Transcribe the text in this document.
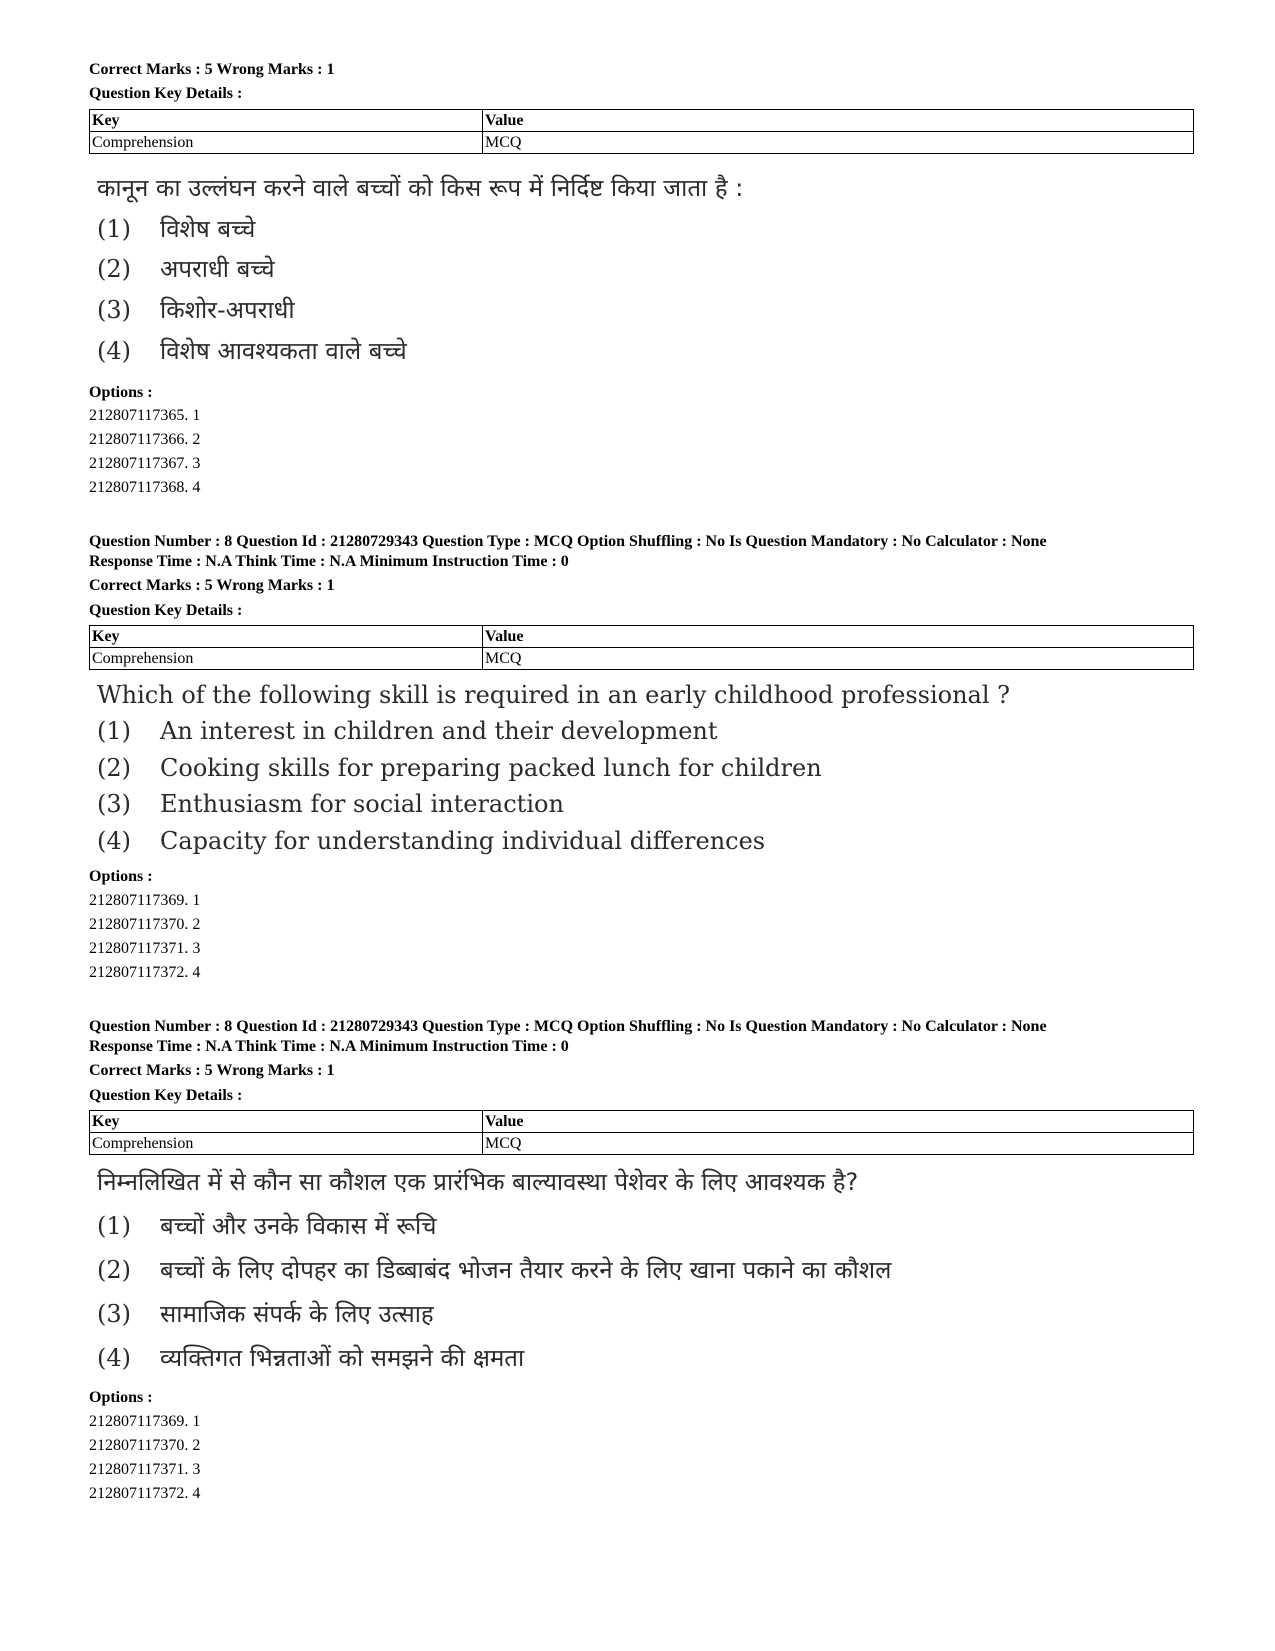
Correct Marks : 5 Wrong Marks : 1
Question Key Details :
Key	Value
Comprehension	MCQ
कानून का उल्लंघन करने वाले बच्चों को किस रूप में निर्दिष्ट किया जाता है :
(1) विशेष बच्चे
(2) अपराधी बच्चे
(3) किशोर-अपराधी
(4) विशेष आवश्यकता वाले बच्चे
Options :
212807117365. 1
212807117366. 2
212807117367. 3
212807117368. 4
Question Number : 8 Question Id : 21280729343 Question Type : MCQ Option Shuffling : No Is Question Mandatory : No Calculator : None
Response Time : N.A Think Time : N.A Minimum Instruction Time : 0
Correct Marks : 5 Wrong Marks : 1
Question Key Details :
Key	Value
Comprehension	MCQ
Which of the following skill is required in an early childhood professional ?
(1) An interest in children and their development
(2) Cooking skills for preparing packed lunch for children
(3) Enthusiasm for social interaction
(4) Capacity for understanding individual differences
Options :
212807117369. 1
212807117370. 2
212807117371. 3
212807117372. 4
Question Number : 8 Question Id : 21280729343 Question Type : MCQ Option Shuffling : No Is Question Mandatory : No Calculator : None
Response Time : N.A Think Time : N.A Minimum Instruction Time : 0
Correct Marks : 5 Wrong Marks : 1
Question Key Details :
Key	Value
Comprehension	MCQ
निम्नलिखित में से कौन सा कौशल एक प्रारंभिक बाल्यावस्था पेशेवर के लिए आवश्यक है?
(1) बच्चों और उनके विकास में रूचि
(2) बच्चों के लिए दोपहर का डिब्बाबंद भोजन तैयार करने के लिए खाना पकाने का कौशल
(3) सामाजिक संपर्क के लिए उत्साह
(4) व्यक्तिगत भिन्नताओं को समझने की क्षमता
Options :
212807117369. 1
212807117370. 2
212807117371. 3
212807117372. 4
